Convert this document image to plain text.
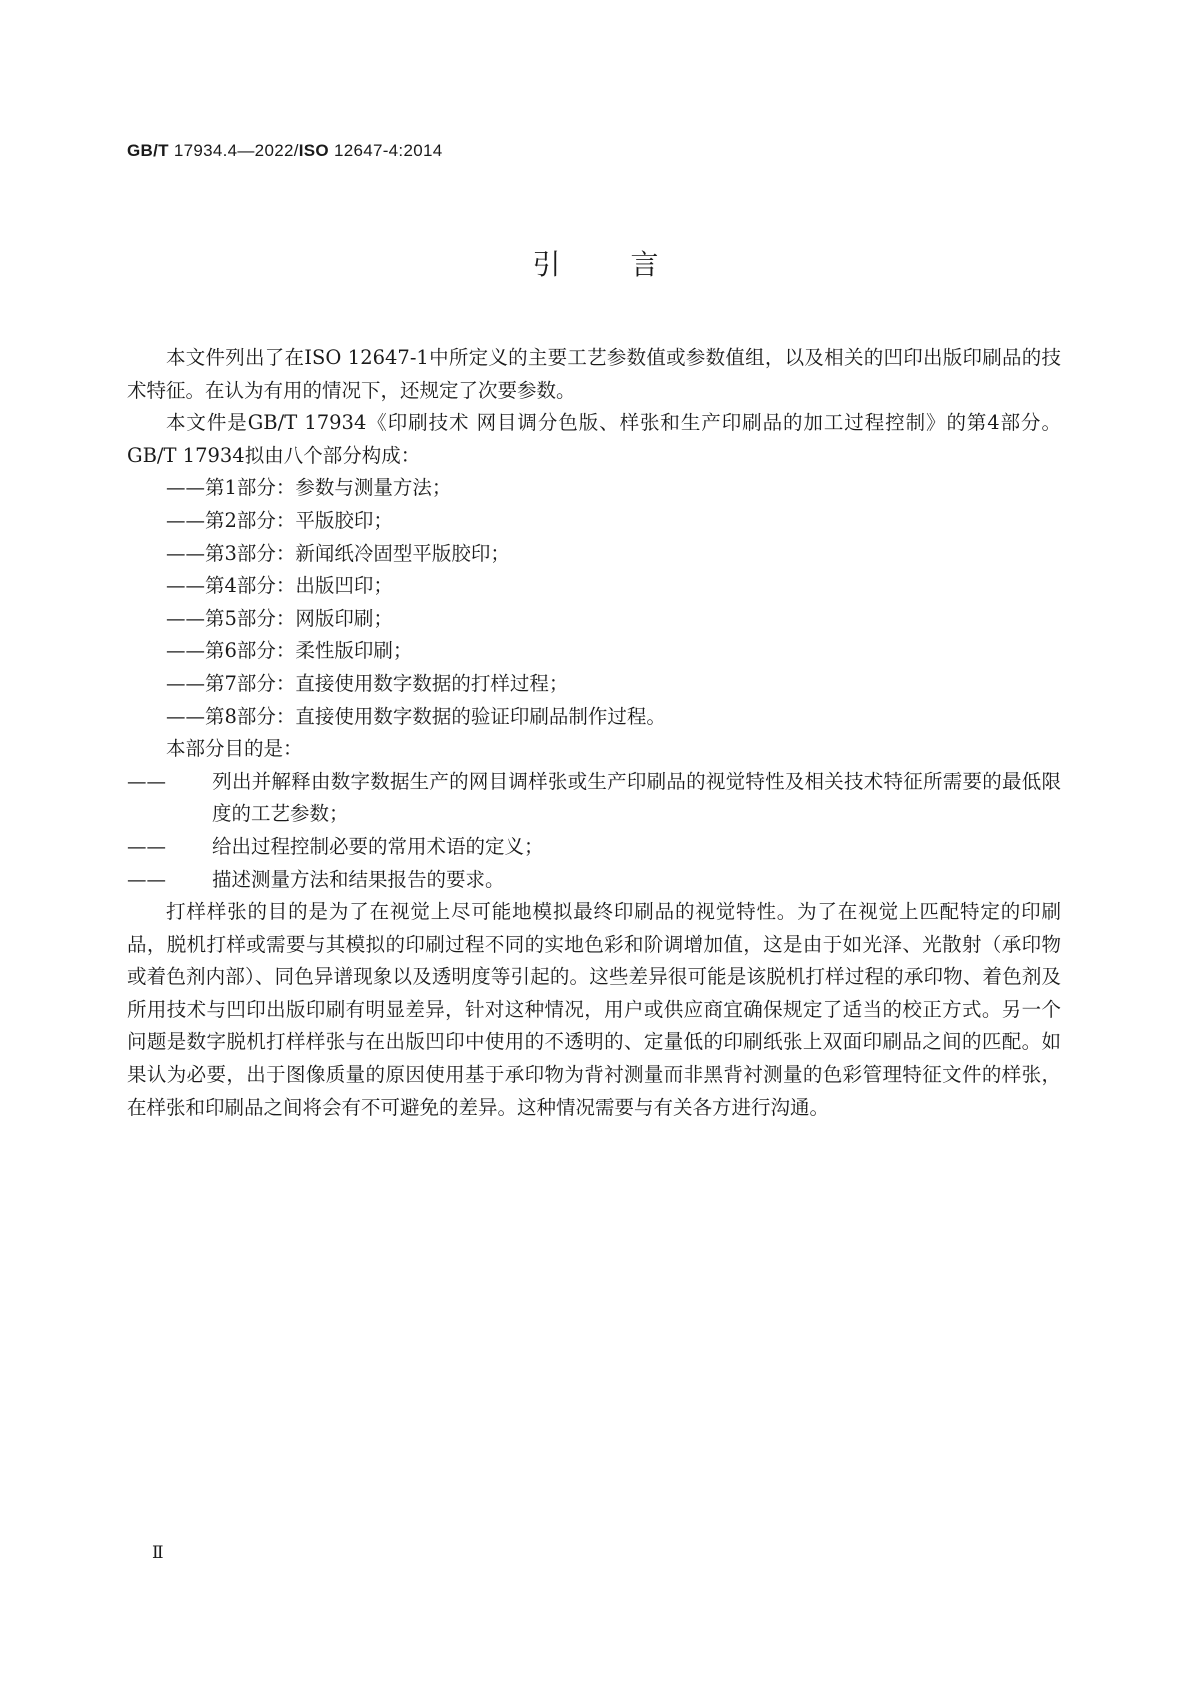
GB/T 17934.4—2022/ISO 12647-4:2014
引言

本文件列出了在ISO 12647-1中所定义的主要工艺参数值或参数值组，以及相关的凹印出版印刷品的技术特征。在认为有用的情况下，还规定了次要参数。

本文件是GB/T 17934《印刷技术 网目调分色版、样张和生产印刷品的加工过程控制》的第4部分。GB/T 17934拟由八个部分构成：

——第1部分：参数与测量方法；

——第2部分：平版胶印；

——第3部分：新闻纸冷固型平版胶印；

——第4部分：出版凹印；

——第5部分：网版印刷；

——第6部分：柔性版印刷；

——第7部分：直接使用数字数据的打样过程；

——第8部分：直接使用数字数据的验证印刷品制作过程。

本部分目的是：

—— 列出并解释由数字数据生产的网目调样张或生产印刷品的视觉特性及相关技术特征所需要的最低限度的工艺参数；

—— 给出过程控制必要的常用术语的定义；

—— 描述测量方法和结果报告的要求。

打样样张的目的是为了在视觉上尽可能地模拟最终印刷品的视觉特性。为了在视觉上匹配特定的印刷品，脱机打样或需要与其模拟的印刷过程不同的实地色彩和阶调增加值，这是由于如光泽、光散射（承印物或着色剂内部）、同色异谱现象以及透明度等引起的。这些差异很可能是该脱机打样过程的承印物、着色剂及所用技术与凹印出版印刷有明显差异，针对这种情况，用户或供应商宜确保规定了适当的校正方式。另一个问题是数字脱机打样样张与在出版凹印中使用的不透明的、定量低的印刷纸张上双面印刷品之间的匹配。如果认为必要，出于图像质量的原因使用基于承印物为背衬测量而非黑背衬测量的色彩管理特征文件的样张，在样张和印刷品之间将会有不可避免的差异。这种情况需要与有关各方进行沟通。

Ⅱ
